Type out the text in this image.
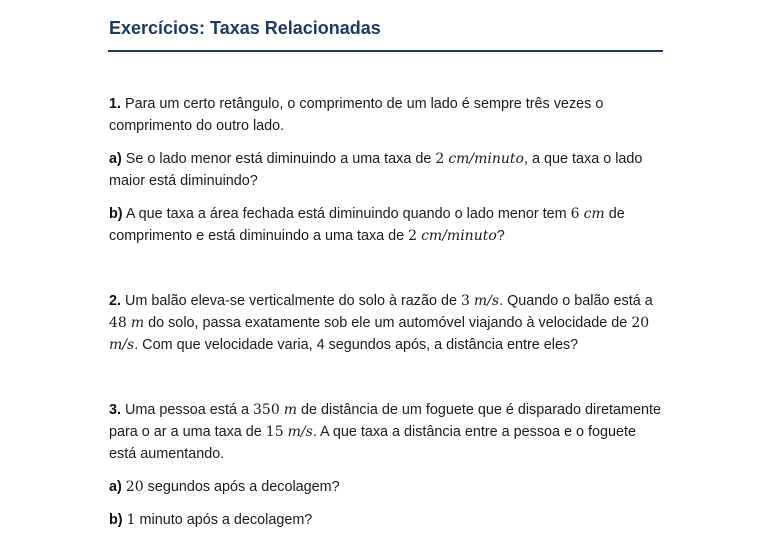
Exercícios: Taxas Relacionadas

1. Para um certo retângulo, o comprimento de um lado é sempre três vezes o comprimento do outro lado.

a) Se o lado menor está diminuindo a uma taxa de 2 cm/minuto, a que taxa o lado maior está diminuindo?

b) A que taxa a área fechada está diminuindo quando o lado menor tem 6 cm de comprimento e está diminuindo a uma taxa de 2 cm/minuto?

2. Um balão eleva-se verticalmente do solo à razão de 3 m/s. Quando o balão está a 48 m do solo, passa exatamente sob ele um automóvel viajando à velocidade de 20 m/s. Com que velocidade varia, 4 segundos após, a distância entre eles?

3. Uma pessoa está a 350 m de distância de um foguete que é disparado diretamente para o ar a uma taxa de 15 m/s. A que taxa a distância entre a pessoa e o foguete está aumentando.

a) 20 segundos após a decolagem?

b) 1 minuto após a decolagem?
